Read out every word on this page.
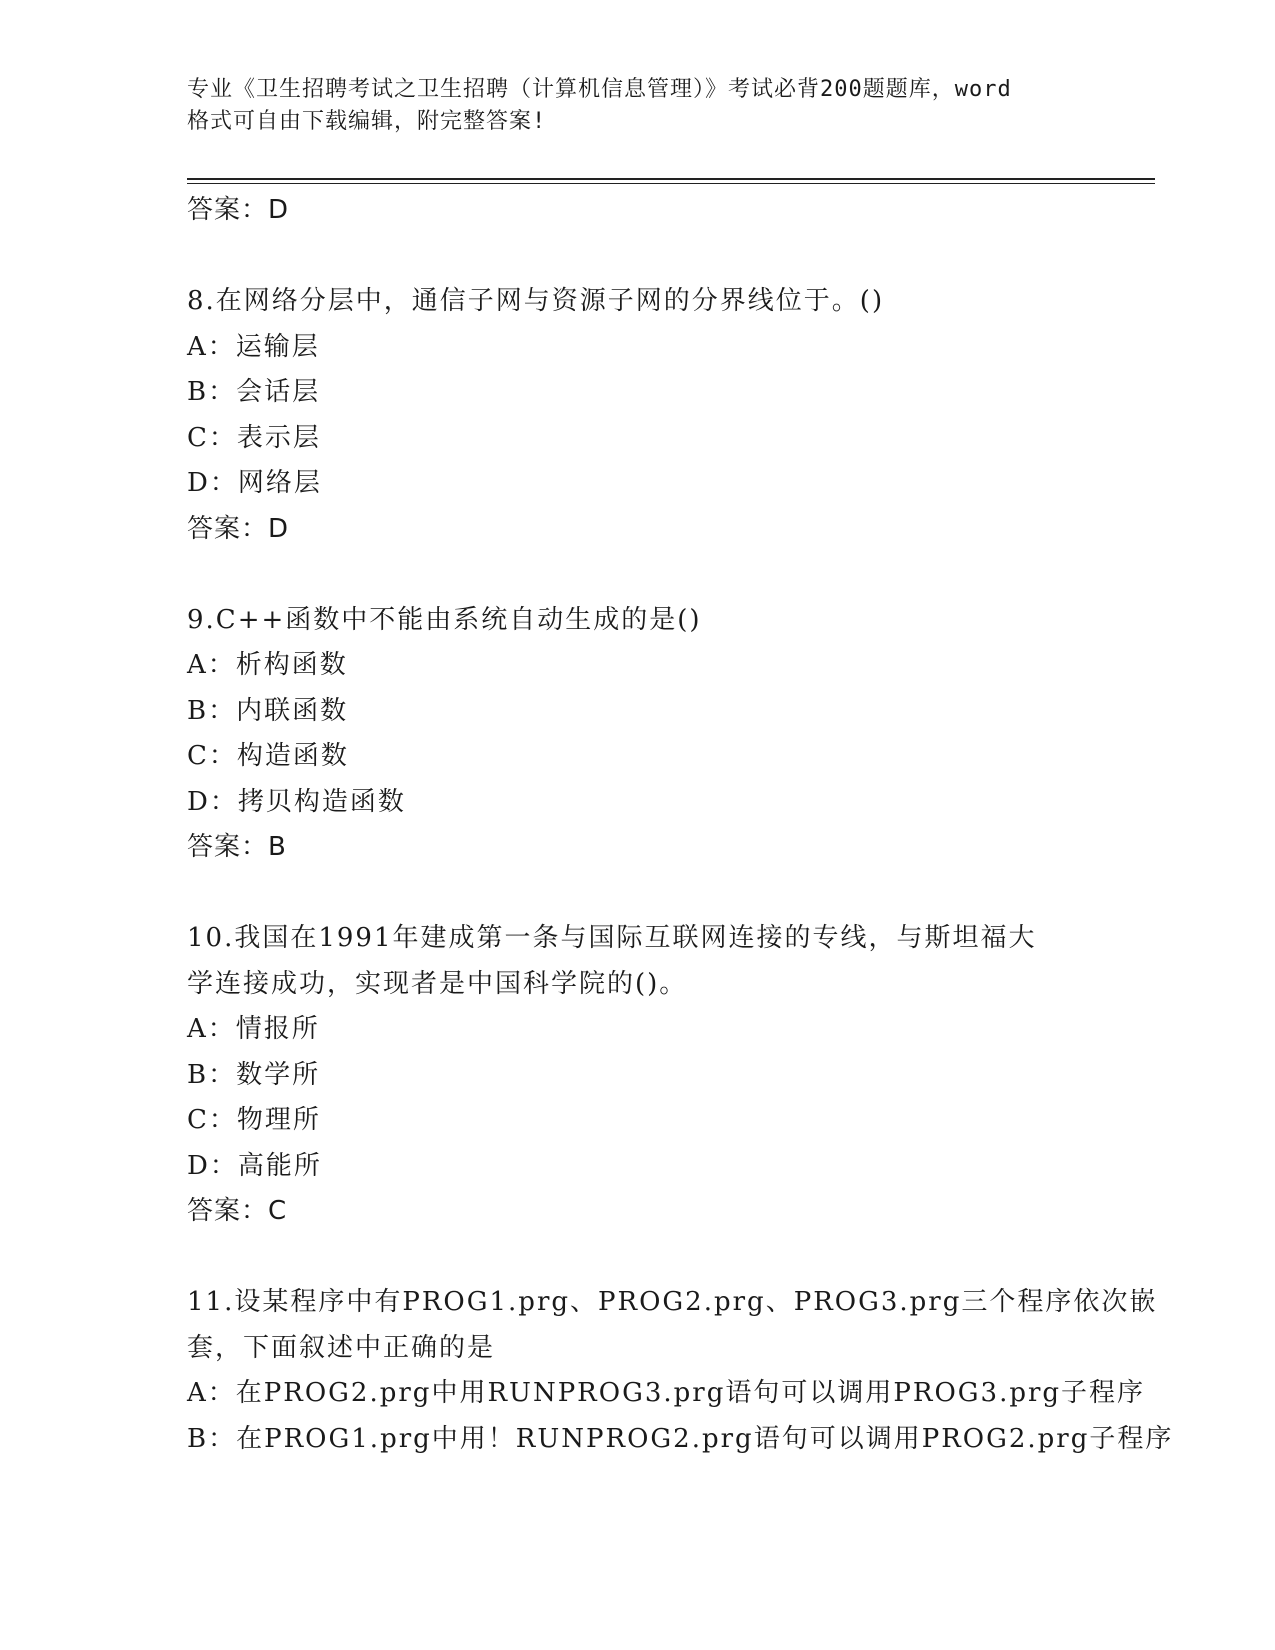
专业《卫生招聘考试之卫生招聘（计算机信息管理）》考试必背200题题库，word
格式可自由下载编辑，附完整答案!
答案：D
8.在网络分层中，通信子网与资源子网的分界线位于。()
A：运输层
B：会话层
C：表示层
D：网络层
答案：D
9.C++函数中不能由系统自动生成的是()
A：析构函数
B：内联函数
C：构造函数
D：拷贝构造函数
答案：B
10.我国在1991年建成第一条与国际互联网连接的专线，与斯坦福大
学连接成功，实现者是中国科学院的()。
A：情报所
B：数学所
C：物理所
D：高能所
答案：C
11.设某程序中有PROG1.prg、PROG2.prg、PROG3.prg三个程序依次嵌
套，下面叙述中正确的是
A：在PROG2.prg中用RUNPROG3.prg语句可以调用PROG3.prg子程序
B：在PROG1.prg中用！RUNPROG2.prg语句可以调用PROG2.prg子程序
